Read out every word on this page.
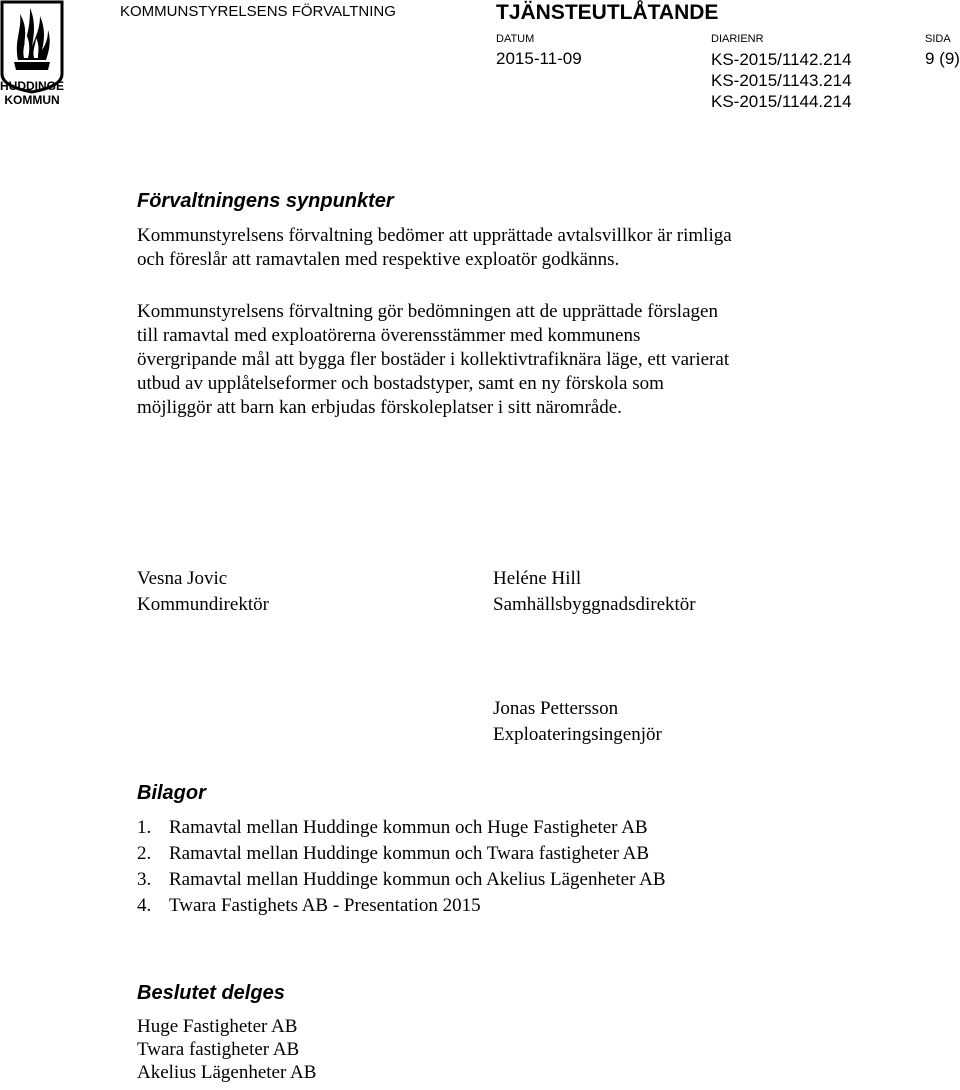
HUDDINGE
KOMMUN
KOMMUNSTYRELSENS FÖRVALTNING	TJÄNSTEUTLÅTANDE
DATUM	DIARIENR	SIDA
2015-11-09	KS-2015/1142.214
KS-2015/1143.214
KS-2015/1144.214
9 (9)
Förvaltningens synpunkter
Kommunstyrelsens förvaltning bedömer att upprättade avtalsvillkor är rimliga
och föreslår att ramavtalen med respektive exploatör godkänns.
Kommunstyrelsens förvaltning gör bedömningen att de upprättade förslagen
till ramavtal med exploatörerna överensstämmer med kommunens
övergripande mål att bygga fler bostäder i kollektivtrafiknära läge, ett varierat
utbud av upplåtelseformer och bostadstyper, samt en ny förskola som
möjliggör att barn kan erbjudas förskoleplatser i sitt närområde.
Vesna Jovic
Kommundirektör
Heléne Hill
Samhällsbyggnadsdirektör
Jonas Pettersson
Exploateringsingenjör
Bilagor
1. Ramavtal mellan Huddinge kommun och Huge Fastigheter AB
2. Ramavtal mellan Huddinge kommun och Twara fastigheter AB
3. Ramavtal mellan Huddinge kommun och Akelius Lägenheter AB
4. Twara Fastighets AB - Presentation 2015
Beslutet delges
Huge Fastigheter AB
Twara fastigheter AB
Akelius Lägenheter AB
